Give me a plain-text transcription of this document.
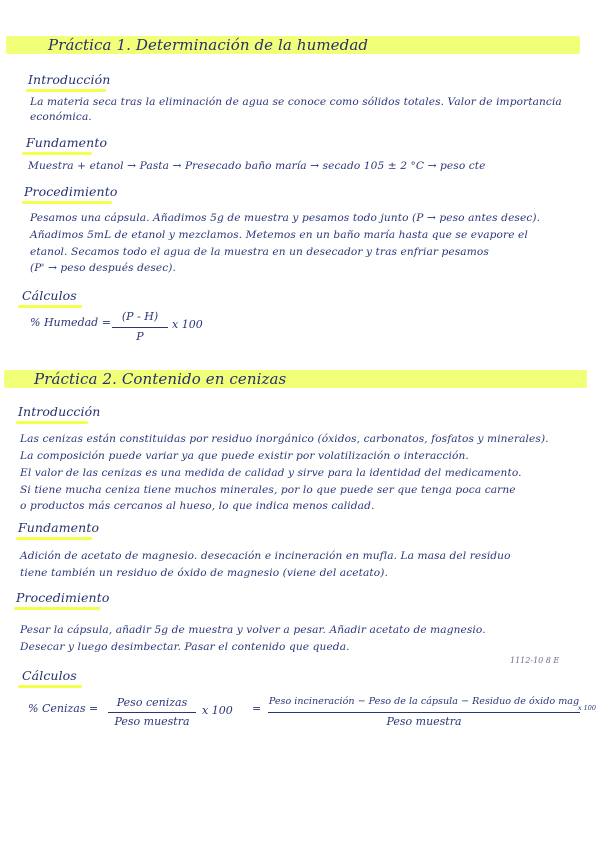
Práctica 1. Determinación de la humedad
Introducción
La materia seca tras la eliminación de agua se conoce como sólidos totales. Valor de importancia
económica.
Fundamento
Muestra + etanol → Pasta → Presecado baño maría → secado 105 ± 2 °C → peso cte
Procedimiento
Pesamos una cápsula. Añadimos 5g de muestra y pesamos todo junto (P → peso antes desec).
Añadimos 5mL de etanol y mezclamos. Metemos en un baño maría hasta que se evapore el
etanol. Secamos todo el agua de la muestra en un desecador y tras enfriar pesamos
(P' → peso después desec).
Cálculos
% Humedad = (P - H)
P
x 100
Práctica 2. Contenido en cenizas
Introducción
Las cenizas están constituidas por residuo inorgánico (óxidos, carbonatos, fosfatos y minerales).
La composición puede variar ya que puede existir por volatilización o interacción.
El valor de las cenizas es una medida de calidad y sirve para la identidad del medicamento.
Si tiene mucha ceniza tiene muchos minerales, por lo que puede ser que tenga poca carne
o productos más cercanos al hueso, lo que indica menos calidad.
Fundamento
Adición de acetato de magnesio. desecación e incineración en mufla. La masa del residuo
tiene también un residuo de óxido de magnesio (viene del acetato).
Procedimiento
Pesar la cápsula, añadir 5g de muestra y volver a pesar. Añadir acetato de magnesio.
Desecar y luego desimbectar. Pasar el contenido que queda.
1112-10 8 E
Cálculos
% Cenizas =	Peso cenizas
Peso muestra
x 100 =
Peso incineración − Peso de la cápsula − Residuo de óxido mag
Peso muestra
x 100
